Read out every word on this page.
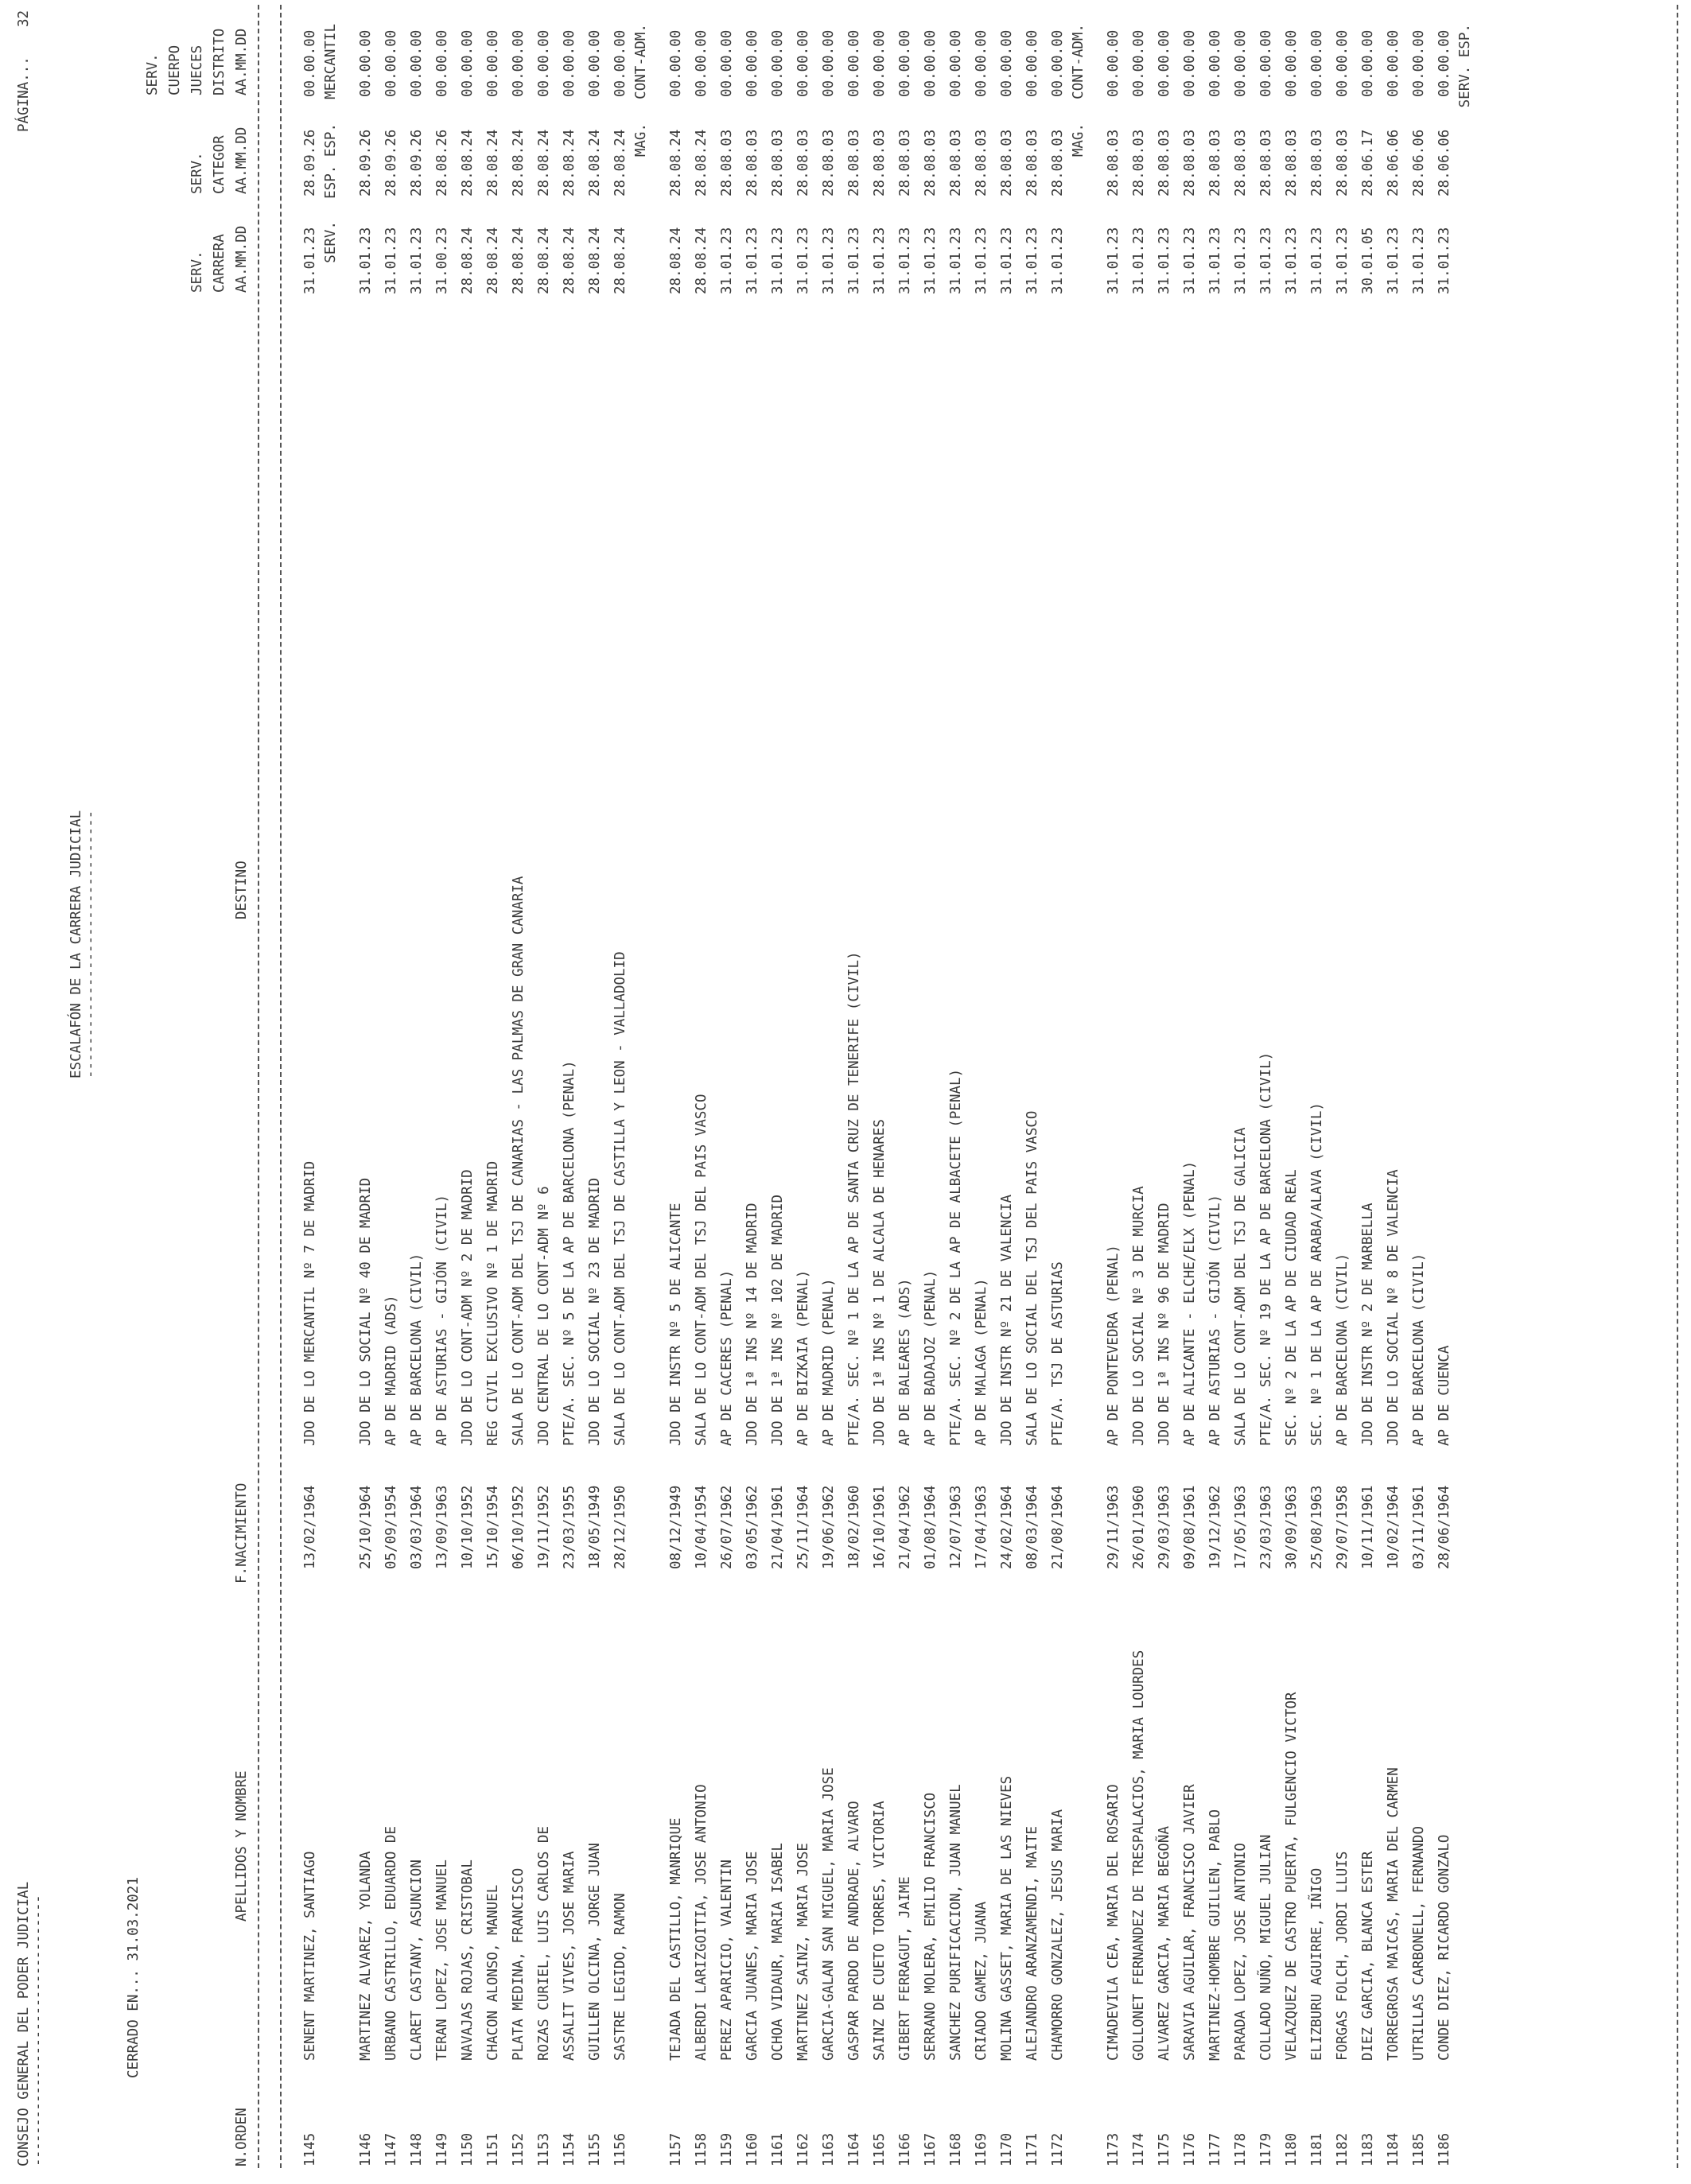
CONSEJO GENERAL DEL PODER JUDICIAL
----------------------------------
ESCALAFÓN DE LA CARRERA JUDICIAL
--------------------------------
PÁGINA...
32
CERRADO EN... 31.03.2021
N.ORDEN
APELLIDOS Y NOMBRE
F.NACIMIENTO
DESTINO
SERV. CARRERA AA.MM.DD
SERV. CATEGOR AA.MM.DD
SERV. CUERPO JUECES DISTRITO AA.MM.DD
1145
SENENT MARTINEZ, SANTIAGO
13/02/1964
JDO DE LO MERCANTIL Nº 7 DE MADRID
31.01.23
28.09.26
00.00.00
SERV.
ESP. ESP.
MERCANTIL
1146
MARTINEZ ALVAREZ, YOLANDA
25/10/1964
JDO DE LO SOCIAL Nº 40 DE MADRID
31.01.23
28.09.26
00.00.00
1147
URBANO CASTRILLO, EDUARDO DE
05/09/1954
AP DE MADRID (ADS)
31.01.23
28.09.26
00.00.00
1148
CLARET CASTANY, ASUNCION
03/03/1964
AP DE BARCELONA (CIVIL)
31.01.23
28.09.26
00.00.00
1149
TERAN LOPEZ, JOSE MANUEL
13/09/1963
AP DE ASTURIAS - GIJÓN (CIVIL)
31.00.23
28.08.26
00.00.00
1150
NAVAJAS ROJAS, CRISTOBAL
10/10/1952
JDO DE LO CONT-ADM Nº 2 DE MADRID
28.08.24
28.08.24
00.00.00
1151
CHACON ALONSO, MANUEL
15/10/1954
REG CIVIL EXCLUSIVO Nº 1 DE MADRID
28.08.24
28.08.24
00.00.00
1152
PLATA MEDINA, FRANCISCO
06/10/1952
SALA DE LO CONT-ADM DEL TSJ DE CANARIAS - LAS PALMAS DE GRAN CANARIA
28.08.24
28.08.24
00.00.00
1153
ROZAS CURIEL, LUIS CARLOS DE
19/11/1952
JDO CENTRAL DE LO CONT-ADM Nº 6
28.08.24
28.08.24
00.00.00
1154
ASSALIT VIVES, JOSE MARIA
23/03/1955
PTE/A. SEC. Nº 5 DE LA AP DE BARCELONA (PENAL)
28.08.24
28.08.24
00.00.00
1155
GUILLEN OLCINA, JORGE JUAN
18/05/1949
JDO DE LO SOCIAL Nº 23 DE MADRID
28.08.24
28.08.24
00.00.00
1156
SASTRE LEGIDO, RAMON
28/12/1950
SALA DE LO CONT-ADM DEL TSJ DE CASTILLA Y LEON - VALLADOLID
28.08.24
28.08.24
00.00.00
MAG.
CONT-ADM.
1157
TEJADA DEL CASTILLO, MANRIQUE
08/12/1949
JDO DE INSTR Nº 5 DE ALICANTE
28.08.24
28.08.24
00.00.00
1158
ALBERDI LARIZGOITIA, JOSE ANTONIO
10/04/1954
SALA DE LO CONT-ADM DEL TSJ DEL PAIS VASCO
28.08.24
28.08.24
00.00.00
1159
PEREZ APARICIO, VALENTIN
26/07/1962
AP DE CACERES (PENAL)
31.01.23
28.08.03
00.00.00
1160
GARCIA JUANES, MARIA JOSE
03/05/1962
JDO DE 1ª INS Nº 14 DE MADRID
31.01.23
28.08.03
00.00.00
1161
OCHOA VIDAUR, MARIA ISABEL
21/04/1961
JDO DE 1ª INS Nº 102 DE MADRID
31.01.23
28.08.03
00.00.00
1162
MARTINEZ SAINZ, MARIA JOSE
25/11/1964
AP DE BIZKAIA (PENAL)
31.01.23
28.08.03
00.00.00
1163
GARCIA-GALAN SAN MIGUEL, MARIA JOSE
19/06/1962
AP DE MADRID (PENAL)
31.01.23
28.08.03
00.00.00
1164
GASPAR PARDO DE ANDRADE, ALVARO
18/02/1960
PTE/A. SEC. Nº 1 DE LA AP DE SANTA CRUZ DE TENERIFE (CIVIL)
31.01.23
28.08.03
00.00.00
1165
SAINZ DE CUETO TORRES, VICTORIA
16/10/1961
JDO DE 1ª INS Nº 1 DE ALCALA DE HENARES
31.01.23
28.08.03
00.00.00
1166
GIBERT FERRAGUT, JAIME
21/04/1962
AP DE BALEARES (ADS)
31.01.23
28.08.03
00.00.00
1167
SERRANO MOLERA, EMILIO FRANCISCO
01/08/1964
AP DE BADAJOZ (PENAL)
31.01.23
28.08.03
00.00.00
1168
SANCHEZ PURIFICACION, JUAN MANUEL
12/07/1963
PTE/A. SEC. Nº 2 DE LA AP DE ALBACETE (PENAL)
31.01.23
28.08.03
00.00.00
1169
CRIADO GAMEZ, JUANA
17/04/1963
AP DE MALAGA (PENAL)
31.01.23
28.08.03
00.00.00
1170
MOLINA GASSET, MARIA DE LAS NIEVES
24/02/1964
JDO DE INSTR Nº 21 DE VALENCIA
31.01.23
28.08.03
00.00.00
1171
ALEJANDRO ARANZAMENDI, MAITE
08/03/1964
SALA DE LO SOCIAL DEL TSJ DEL PAIS VASCO
31.01.23
28.08.03
00.00.00
1172
CHAMORRO GONZALEZ, JESUS MARIA
21/08/1964
PTE/A. TSJ DE ASTURIAS
31.01.23
28.08.03
00.00.00
MAG.
CONT-ADM.
1173
CIMADEVILA CEA, MARIA DEL ROSARIO
29/11/1963
AP DE PONTEVEDRA (PENAL)
31.01.23
28.08.03
00.00.00
1174
GOLLONET FERNANDEZ DE TRESPALACIOS, MARIA LOURDES
26/01/1960
JDO DE LO SOCIAL Nº 3 DE MURCIA
31.01.23
28.08.03
00.00.00
1175
ALVAREZ GARCIA, MARIA BEGOÑA
29/03/1963
JDO DE 1ª INS Nº 96 DE MADRID
31.01.23
28.08.03
00.00.00
1176
SARAVIA AGUILAR, FRANCISCO JAVIER
09/08/1961
AP DE ALICANTE - ELCHE/ELX (PENAL)
31.01.23
28.08.03
00.00.00
1177
MARTINEZ-HOMBRE GUILLEN, PABLO
19/12/1962
AP DE ASTURIAS - GIJÓN (CIVIL)
31.01.23
28.08.03
00.00.00
1178
PARADA LOPEZ, JOSE ANTONIO
17/05/1963
SALA DE LO CONT-ADM DEL TSJ DE GALICIA
31.01.23
28.08.03
00.00.00
1179
COLLADO NUÑO, MIGUEL JULIAN
23/03/1963
PTE/A. SEC. Nº 19 DE LA AP DE BARCELONA (CIVIL)
31.01.23
28.08.03
00.00.00
1180
VELAZQUEZ DE CASTRO PUERTA, FULGENCIO VICTOR
30/09/1963
SEC. Nº 2 DE LA AP DE CIUDAD REAL
31.01.23
28.08.03
00.00.00
1181
ELIZBURU AGUIRRE, IÑIGO
25/08/1963
SEC. Nº 1 DE LA AP DE ARABA/ALAVA (CIVIL)
31.01.23
28.08.03
00.00.00
1182
FORGAS FOLCH, JORDI LLUIS
29/07/1958
AP DE BARCELONA (CIVIL)
31.01.23
28.08.03
00.00.00
1183
DIEZ GARCIA, BLANCA ESTER
10/11/1961
JDO DE INSTR Nº 2 DE MARBELLA
30.01.05
28.06.17
00.00.00
1184
TORREGROSA MAICAS, MARIA DEL CARMEN
10/02/1964
JDO DE LO SOCIAL Nº 8 DE VALENCIA
31.01.23
28.06.06
00.00.00
1185
UTRILLAS CARBONELL, FERNANDO
03/11/1961
AP DE BARCELONA (CIVIL)
31.01.23
28.06.06
00.00.00
1186
CONDE DIEZ, RICARDO GONZALO
28/06/1964
AP DE CUENCA
31.01.23
28.06.06
00.00.00 SERV. ESP.
